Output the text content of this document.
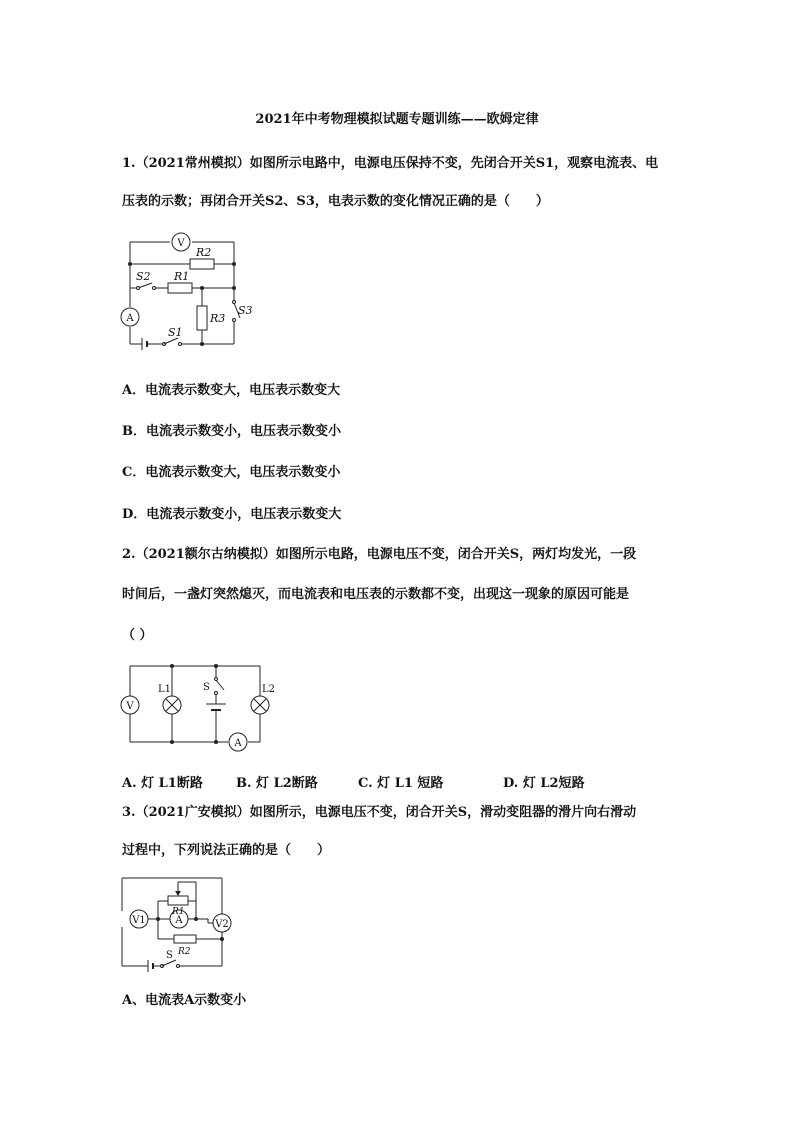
2021年中考物理模拟试题专题训练——欧姆定律
1.（2021常州模拟）如图所示电路中，电源电压保持不变，先闭合开关S1，观察电流表、电
压表的示数；再闭合开关S2、S3，电表示数的变化情况正确的是（　　）
V
A
R2
R1
R3
S2
S1
S3
A．电流表示数变大，电压表示数变大
B．电流表示数变小，电压表示数变小
C．电流表示数变大，电压表示数变小
D．电流表示数变小，电压表示数变大
2.（2021额尔古纳模拟）如图所示电路，电源电压不变，闭合开关S，两灯均发光，一段
时间后，一盏灯突然熄灭，而电流表和电压表的示数都不变，出现这一现象的原因可能是
（ ）
V
A
L1	L2
S
A. 灯 L1断路	B. 灯 L2断路	C. 灯 L1 短路	D. 灯 L2短路
3.（2021广安模拟）如图所示，电源电压不变，闭合开关S，滑动变阻器的滑片向右滑动
过程中，下列说法正确的是（　　）
V1	A	V2
R1
R2
S
A、电流表A示数变小
